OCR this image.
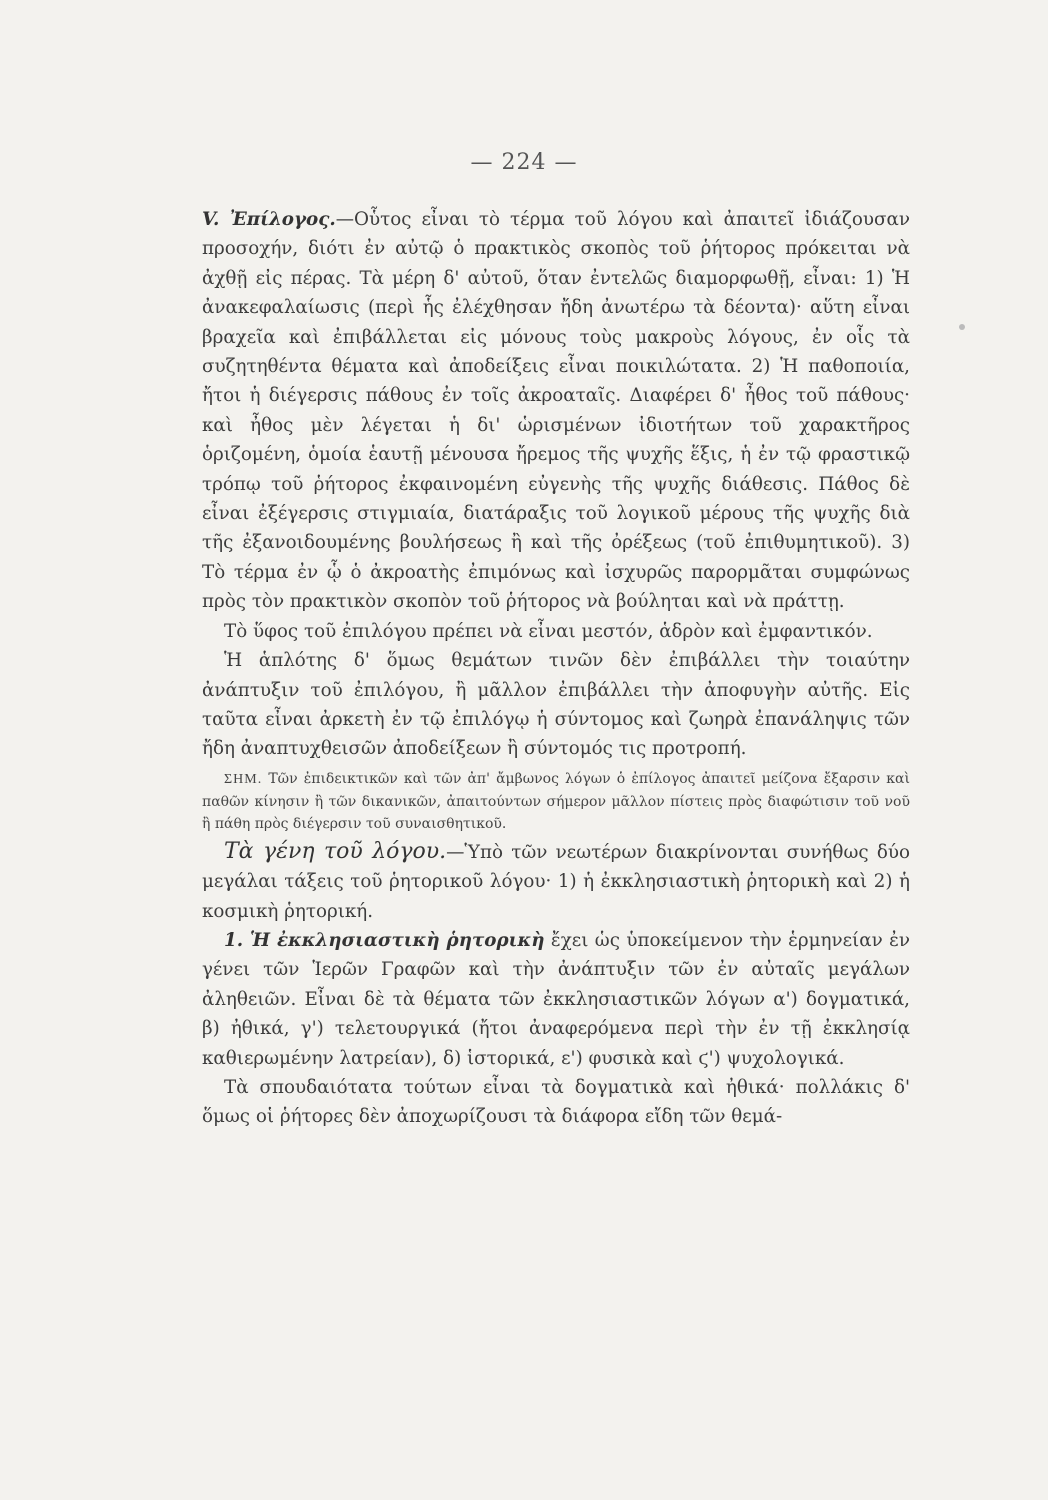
— 224 —

V. Ἐπίλογος.—Οὗτος εἶναι τὸ τέρμα τοῦ λόγου καὶ ἀπαιτεῖ ἰδιάζουσαν προσοχήν, διότι ἐν αὐτῷ ὁ πρακτικὸς σκοπὸς τοῦ ῥήτορος πρόκειται νὰ ἀχθῇ εἰς πέρας. Τὰ μέρη δ' αὐτοῦ, ὅταν ἐντελῶς διαμορφωθῇ, εἶναι: 1) Ἡ ἀνακεφαλαίωσις (περὶ ἧς ἐλέχθησαν ἤδη ἀνωτέρω τὰ δέοντα)· αὕτη εἶναι βραχεῖα καὶ ἐπιβάλλεται εἰς μόνους τοὺς μακροὺς λόγους, ἐν οἷς τὰ συζητηθέντα θέματα καὶ ἀποδείξεις εἶναι ποικιλώτατα. 2) Ἡ παθοποιία, ἤτοι ἡ διέγερσις πάθους ἐν τοῖς ἀκροαταῖς. Διαφέρει δ' ἦθος τοῦ πάθους· καὶ ἦθος μὲν λέγεται ἡ δι' ὡρισμένων ἰδιοτήτων τοῦ χαρακτῆρος ὁριζομένη, ὁμοία ἑαυτῇ μένουσα ἤρεμος τῆς ψυχῆς ἕξις, ἡ ἐν τῷ φραστικῷ τρόπῳ τοῦ ῥήτορος ἐκφαινομένη εὐγενὴς τῆς ψυχῆς διάθεσις. Πάθος δὲ εἶναι ἐξέγερσις στιγμιαία, διατάραξις τοῦ λογικοῦ μέρους τῆς ψυχῆς διὰ τῆς ἐξανοιδουμένης βουλήσεως ἢ καὶ τῆς ὀρέξεως (τοῦ ἐπιθυμητικοῦ). 3) Τὸ τέρμα ἐν ᾧ ὁ ἀκροατὴς ἐπιμόνως καὶ ἰσχυρῶς παρορμᾶται συμφώνως πρὸς τὸν πρακτικὸν σκοπὸν τοῦ ῥήτορος νὰ βούληται καὶ νὰ πράττῃ.

Τὸ ὕφος τοῦ ἐπιλόγου πρέπει νὰ εἶναι μεστόν, ἁδρὸν καὶ ἐμφαντικόν.

Ἡ ἁπλότης δ' ὅμως θεμάτων τινῶν δὲν ἐπιβάλλει τὴν τοιαύτην ἀνάπτυξιν τοῦ ἐπιλόγου, ἢ μᾶλλον ἐπιβάλλει τὴν ἀποφυγὴν αὐτῆς. Εἰς ταῦτα εἶναι ἀρκετὴ ἐν τῷ ἐπιλόγῳ ἡ σύντομος καὶ ζωηρὰ ἐπανάληψις τῶν ἤδη ἀναπτυχθεισῶν ἀποδείξεων ἢ σύντομός τις προτροπή.

ΣΗΜ. Τῶν ἐπιδεικτικῶν καὶ τῶν ἀπ' ἄμβωνος λόγων ὁ ἐπίλογος ἀπαιτεῖ μείζονα ἔξαρσιν καὶ παθῶν κίνησιν ἢ τῶν δικανικῶν, ἀπαιτούντων σήμερον μᾶλλον πίστεις πρὸς διαφώτισιν τοῦ νοῦ ἢ πάθη πρὸς διέγερσιν τοῦ συναισθητικοῦ.

Τὰ γένη τοῦ λόγου.—Ὑπὸ τῶν νεωτέρων διακρίνονται συνήθως δύο μεγάλαι τάξεις τοῦ ῥητορικοῦ λόγου· 1) ἡ ἐκκλησιαστικὴ ῥητορικὴ καὶ 2) ἡ κοσμικὴ ῥητορική.

1. Ἡ ἐκκλησιαστικὴ ῥητορικὴ ἔχει ὡς ὑποκείμενον τὴν ἑρμηνείαν ἐν γένει τῶν Ἱερῶν Γραφῶν καὶ τὴν ἀνάπτυξιν τῶν ἐν αὐταῖς μεγάλων ἀληθειῶν. Εἶναι δὲ τὰ θέματα τῶν ἐκκλησιαστικῶν λόγων α') δογματικά, β) ἠθικά, γ') τελετουργικά (ἤτοι ἀναφερόμενα περὶ τὴν ἐν τῇ ἐκκλησίᾳ καθιερωμένην λατρείαν), δ) ἱστορικά, ε') φυσικὰ καὶ ϛ') ψυχολογικά.

Τὰ σπουδαιότατα τούτων εἶναι τὰ δογματικὰ καὶ ἠθικά· πολλάκις δ' ὅμως οἱ ῥήτορες δὲν ἀποχωρίζουσι τὰ διάφορα εἴδη τῶν θεμά-
